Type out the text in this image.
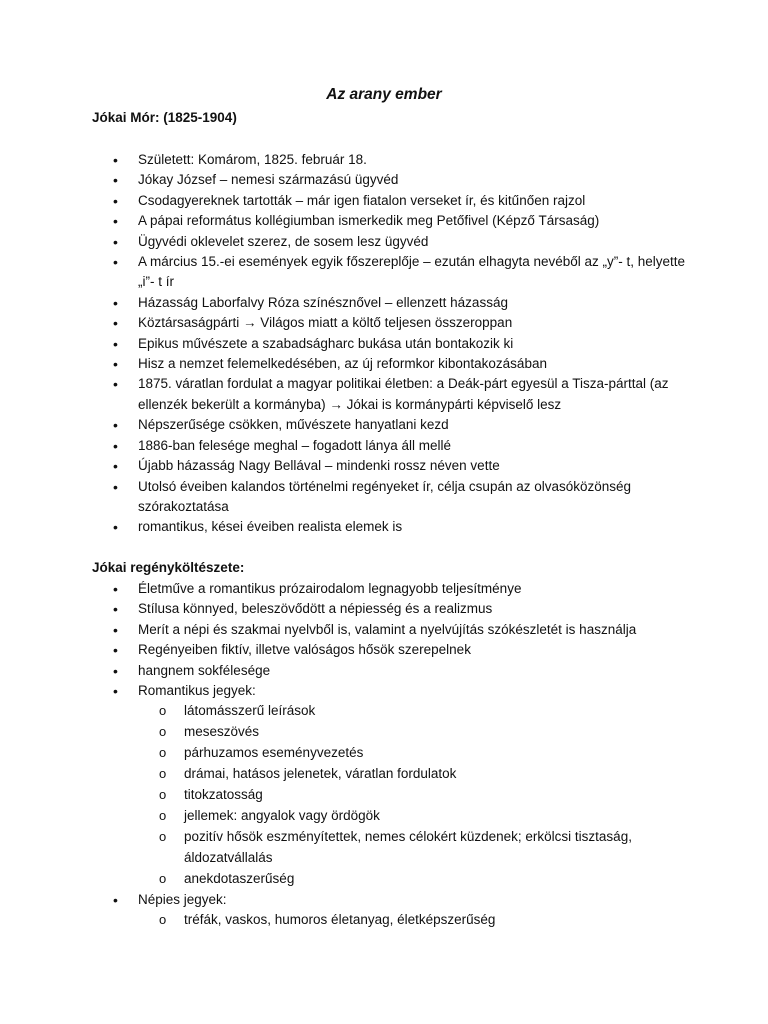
Az arany ember
Jókai Mór: (1825-1904)
• Született: Komárom, 1825. február 18.
• Jókay József – nemesi származású ügyvéd
• Csodagyereknek tartották – már igen fiatalon verseket ír, és kitűnően rajzol
• A pápai református kollégiumban ismerkedik meg Petőfivel (Képző Társaság)
• Ügyvédi oklevelet szerez, de sosem lesz ügyvéd
• A március 15.-ei események egyik főszereplője – ezután elhagyta nevéből az „y”- t, helyette „i”- t ír
• Házasság Laborfalvy Róza színésznővel – ellenzett házasság
• Köztársaságpárti → Világos miatt a költő teljesen összeroppan
• Epikus művészete a szabadságharc bukása után bontakozik ki
• Hisz a nemzet felemelkedésében, az új reformkor kibontakozásában
• 1875. váratlan fordulat a magyar politikai életben: a Deák-párt egyesül a Tisza-párttal (az ellenzék bekerült a kormányba) → Jókai is kormánypárti képviselő lesz
• Népszerűsége csökken, művészete hanyatlani kezd
• 1886-ban felesége meghal – fogadott lánya áll mellé
• Újabb házasság Nagy Bellával – mindenki rossz néven vette
• Utolsó éveiben kalandos történelmi regényeket ír, célja csupán az olvasóközönség szórakoztatása
• romantikus, kései éveiben realista elemek is
Jókai regényköltészete:
• Életműve a romantikus prózairodalom legnagyobb teljesítménye
• Stílusa könnyed, beleszövődött a népiesség és a realizmus
• Merít a népi és szakmai nyelvből is, valamint a nyelvújítás szókészletét is használja
• Regényeiben fiktív, illetve valóságos hősök szerepelnek
• hangnem sokfélesége
• Romantikus jegyek:
o látomásszerű leírások
o meseszövés
o párhuzamos eseményvezetés
o drámai, hatásos jelenetek, váratlan fordulatok
o titokzatosság
o jellemek: angyalok vagy ördögök
o pozitív hősök eszményítettek, nemes célokért küzdenek; erkölcsi tisztaság, áldozatvállalás
o anekdotaszerűség
• Népies jegyek:
o tréfák, vaskos, humoros életanyag, életképszerűség
